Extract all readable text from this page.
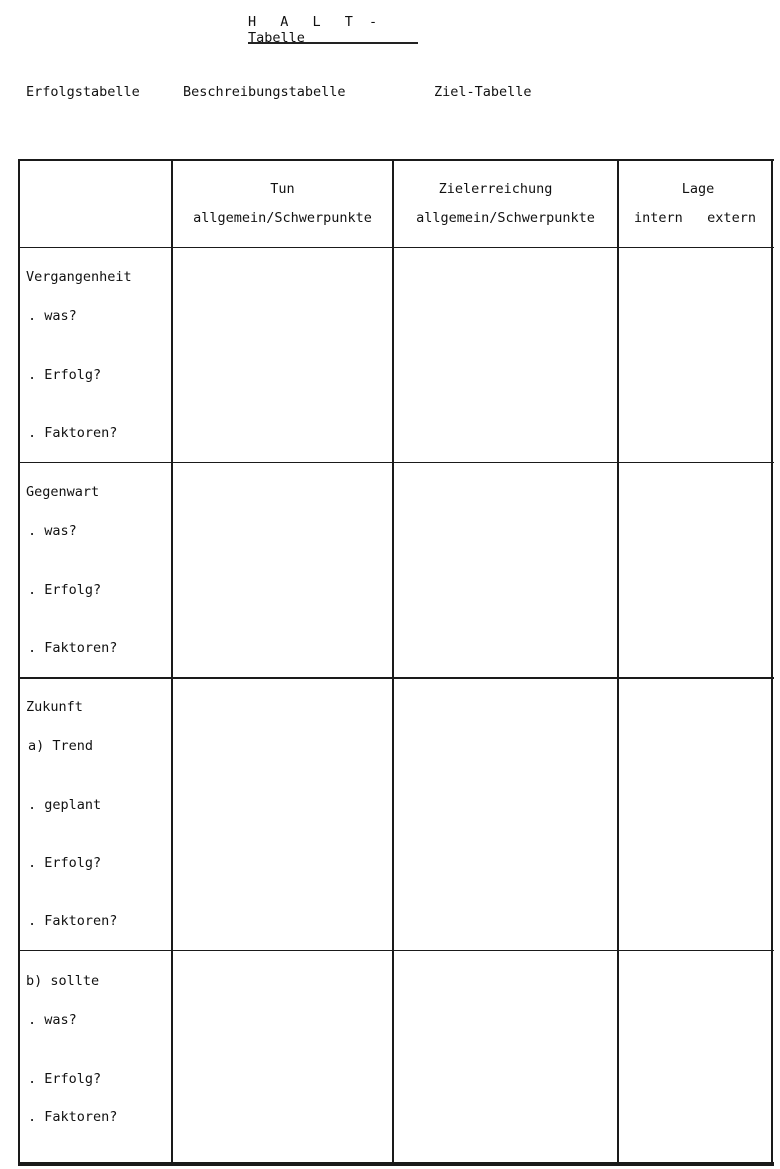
H A L T - Tabelle
Erfolgstabelle	Beschreibungstabelle	Ziel-Tabelle
Tun
allgemein/Schwerpunkte
Zielerreichung
allgemein/Schwerpunkte
Lage
intern   extern
Vergangenheit
. was?
. Erfolg?
. Faktoren?
Gegenwart
. was?
. Erfolg?
. Faktoren?
Zukunft
a) Trend
. geplant
. Erfolg?
. Faktoren?
b) sollte
. was?
. Erfolg?
. Faktoren?
